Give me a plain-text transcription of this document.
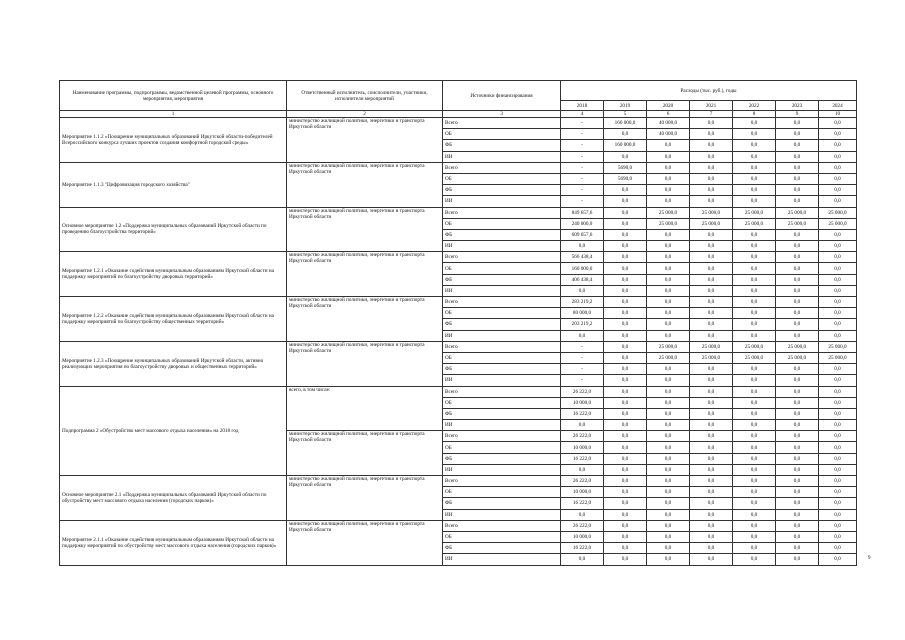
Наименование программы, подпрограммы, ведомственной целевой программы, основного мероприятия, мероприятия	Ответственный исполнитель, соисполнители, участники, исполнители мероприятий	Источники финансирования	Расходы (тыс. руб.), годы						
			2018	2019	2020	2021	2022	2023	2024
1	2	3	4	5	6	7	8	9	10
Мероприятие 1.1.2 «Поощрение муниципальных образований Иркутской области-победителей Всероссийского конкурса лучших проектов создания комфортной городской среды»	министерство жилищной политики, энергетики и транспорта Иркутской области	Всего	-	160 000,0	40 000,0	0,0	0,0	0,0	0,0
		ОБ	-	0,0	40 000,0	0,0	0,0	0,0	0,0
		ФБ	-	160 000,0	0,0	0,0	0,0	0,0	0,0
		ИИ	-	0,0	0,0	0,0	0,0	0,0	0,0
Мероприятие 1.1.3 "Цифровизация городского хозяйства"	министерство жилищной политики, энергетики и транспорта Иркутской области	Всего	-	5690,0	0,0	0,0	0,0	0,0	0,0
		ОБ	-	5690,0	0,0	0,0	0,0	0,0	0,0
		ФБ	-	0,0	0,0	0,0	0,0	0,0	0,0
		ИИ	-	0,0	0,0	0,0	0,0	0,0	0,0
Основное мероприятие 1.2 «Поддержка муниципальных образований Иркутской области по проведению благоустройства территорий»	министерство жилищной политики, энергетики и транспорта Иркутской области	Всего	849 657,6	0,0	25 000,0	25 000,0	25 000,0	25 000,0	25 000,0
		ОБ	240 000,0	0,0	25 000,0	25 000,0	25 000,0	25 000,0	25 000,0
		ФБ	609 657,6	0,0	0,0	0,0	0,0	0,0	0,0
		ИИ	0,0	0,0	0,0	0,0	0,0	0,0	0,0
Мероприятие 1.2.1 «Оказание содействия муниципальным образованиям Иркутской области на поддержку мероприятий по благоустройству дворовых территорий»	министерство жилищной политики, энергетики и транспорта Иркутской области	Всего	566 438,4	0,0	0,0	0,0	0,0	0,0	0,0
		ОБ	160 000,0	0,0	0,0	0,0	0,0	0,0	0,0
		ФБ	406 438,4	0,0	0,0	0,0	0,0	0,0	0,0
		ИИ	0,0	0,0	0,0	0,0	0,0	0,0	0,0
Мероприятие 1.2.2 «Оказание содействия муниципальным образованиям Иркутской области на поддержку мероприятий по благоустройству общественных территорий»	министерство жилищной политики, энергетики и транспорта Иркутской области	Всего	283 219,2	0,0	0,0	0,0	0,0	0,0	0,0
		ОБ	80 000,0	0,0	0,0	0,0	0,0	0,0	0,0
		ФБ	203 219,2	0,0	0,0	0,0	0,0	0,0	0,0
		ИИ	0,0	0,0	0,0	0,0	0,0	0,0	0,0
Мероприятие 1.2.3 «Поощрение муниципальных образований Иркутской области, активно реализующих мероприятия по благоустройству дворовых и общественных территорий»	министерство жилищной политики, энергетики и транспорта Иркутской области	Всего	-	0,0	25 000,0	25 000,0	25 000,0	25 000,0	25 000,0
		ОБ	-	0,0	25 000,0	25 000,0	25 000,0	25 000,0	25 000,0
		ФБ	-	0,0	0,0	0,0	0,0	0,0	0,0
		ИИ	-	0,0	0,0	0,0	0,0	0,0	0,0
Подпрограмма 2 «Обустройство мест массового отдыха населения» на 2018 год	всего, в том числе:	Всего	26 222,0	0,0	0,0	0,0	0,0	0,0	0,0
		ОБ	10 000,0	0,0	0,0	0,0	0,0	0,0	0,0
		ФБ	16 222,0	0,0	0,0	0,0	0,0	0,0	0,0
		ИИ	0,0	0,0	0,0	0,0	0,0	0,0	0,0
	министерство жилищной политики, энергетики и транспорта Иркутской области	Всего	26 222,0	0,0	0,0	0,0	0,0	0,0	0,0
		ОБ	10 000,0	0,0	0,0	0,0	0,0	0,0	0,0
		ФБ	16 222,0	0,0	0,0	0,0	0,0	0,0	0,0
		ИИ	0,0	0,0	0,0	0,0	0,0	0,0	0,0
Основное мероприятие 2.1 «Поддержка муниципальных образований Иркутской области по обустройству мест массового отдыха населения (городских парков)»	министерство жилищной политики, энергетики и транспорта Иркутской области	Всего	26 222,0	0,0	0,0	0,0	0,0	0,0	0,0
		ОБ	10 000,0	0,0	0,0	0,0	0,0	0,0	0,0
		ФБ	16 222,0	0,0	0,0	0,0	0,0	0,0	0,0
		ИИ	0,0	0,0	0,0	0,0	0,0	0,0	0,0
Мероприятие 2.1.1 «Оказание содействия муниципальным образованиям Иркутской области на поддержку мероприятий по обустройству мест массового отдыха населения (городских парков)»	министерство жилищной политики, энергетики и транспорта Иркутской области	Всего	26 222,0	0,0	0,0	0,0	0,0	0,0	0,0
		ОБ	10 000,0	0,0	0,0	0,0	0,0	0,0	0,0
		ФБ	16 222,0	0,0	0,0	0,0	0,0	0,0	0,0
		ИИ	0,0	0,0	0,0	0,0	0,0	0,0	0,0	9
